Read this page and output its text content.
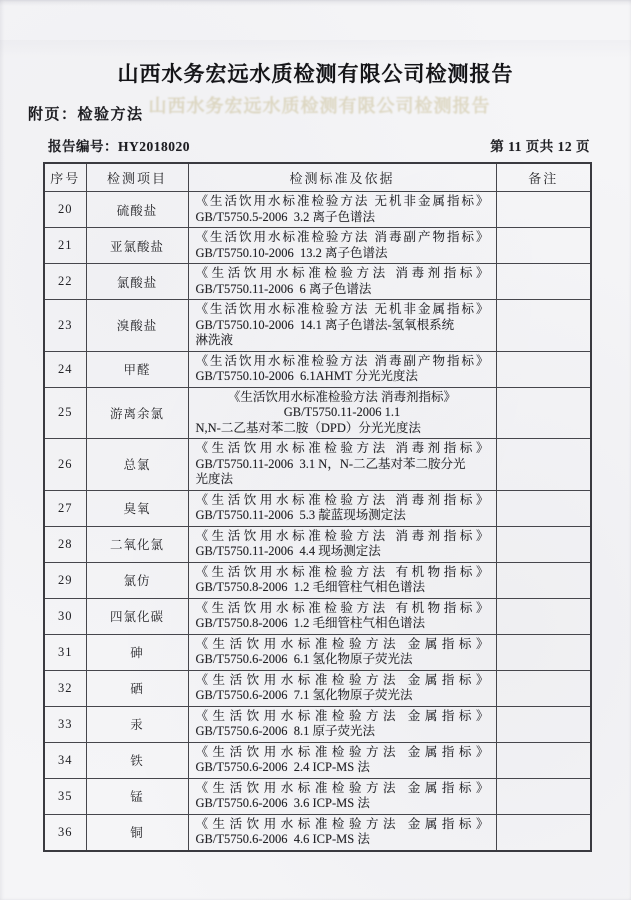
山西水务宏远水质检测有限公司检测报告
山西水务宏远水质检测有限公司检测报告
附页：检验方法
报告编号：HY2018020	第 11 页共 12 页
序号	检测项目	检测标准及依据	备注
20	硫酸盐	《生活饮用水标准检验方法 无机非金属指标》
GB/T5750.5-2006  3.2 离子色谱法	

21	亚氯酸盐	《生活饮用水标准检验方法 消毒副产物指标》
GB/T5750.10-2006  13.2 离子色谱法	

22	氯酸盐	《生活饮用水标准检验方法 消毒剂指标》
GB/T5750.11-2006  6 离子色谱法	

23	溴酸盐	《生活饮用水标准检验方法 无机非金属指标》
GB/T5750.10-2006  14.1 离子色谱法-氢氧根系统
淋洗液	

24	甲醛	《生活饮用水标准检验方法 消毒副产物指标》
GB/T5750.10-2006  6.1AHMT 分光光度法	

25	游离余氯	《生活饮用水标准检验方法 消毒剂指标》
GB/T5750.11-2006 1.1
N,N-二乙基对苯二胺（DPD）分光光度法	

26	总氯	《生活饮用水标准检验方法 消毒剂指标》
GB/T5750.11-2006  3.1 N，N-二乙基对苯二胺分光
光度法	

27	臭氧	《生活饮用水标准检验方法 消毒剂指标》
GB/T5750.11-2006  5.3 靛蓝现场测定法	

28	二氧化氯	《生活饮用水标准检验方法 消毒剂指标》
GB/T5750.11-2006  4.4 现场测定法	

29	氯仿	《生活饮用水标准检验方法 有机物指标》
GB/T5750.8-2006  1.2 毛细管柱气相色谱法	

30	四氯化碳	《生活饮用水标准检验方法 有机物指标》
GB/T5750.8-2006  1.2 毛细管柱气相色谱法	

31	砷	《生活饮用水标准检验方法 金属指标》
GB/T5750.6-2006  6.1 氢化物原子荧光法	

32	硒	《生活饮用水标准检验方法 金属指标》
GB/T5750.6-2006  7.1 氢化物原子荧光法	

33	汞	《生活饮用水标准检验方法 金属指标》
GB/T5750.6-2006  8.1 原子荧光法	

34	铁	《生活饮用水标准检验方法 金属指标》
GB/T5750.6-2006  2.4 ICP-MS 法	

35	锰	《生活饮用水标准检验方法 金属指标》
GB/T5750.6-2006  3.6 ICP-MS 法	

36	铜	《生活饮用水标准检验方法 金属指标》
GB/T5750.6-2006  4.6 ICP-MS 法	
